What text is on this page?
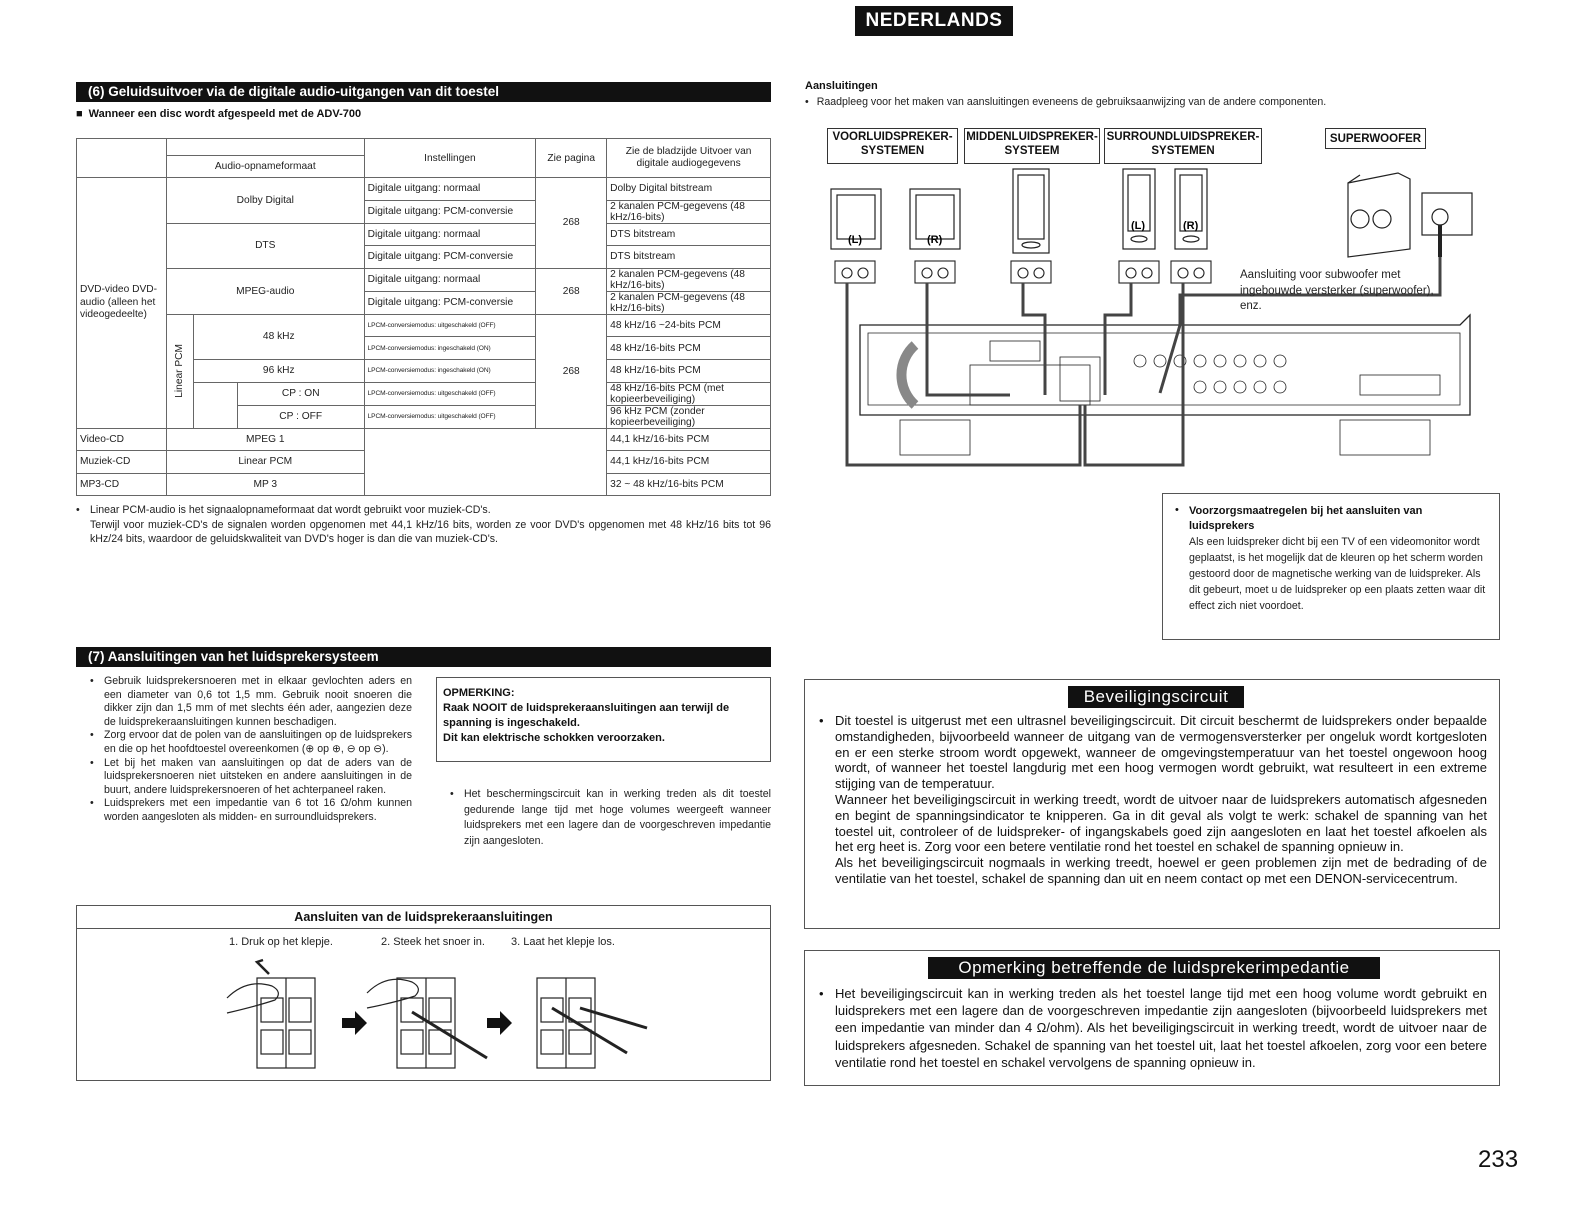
NEDERLANDS
(6) Geluidsuitvoer via de digitale audio-uitgangen van dit toestel
■ Wanneer een disc wordt afgespeeld met de ADV-700
				Instellingen	Zie pagina	Zie de bladzijde Uitvoer van digitale audiogegevens
	Audio-opnameformaat					
DVD-video DVD-audio (alleen het videogedeelte)	Dolby Digital			Digitale uitgang: normaal	268	Dolby Digital bitstream
				Digitale uitgang: PCM-conversie		2 kanalen PCM-gegevens (48 kHz/16-bits)
	DTS			Digitale uitgang: normaal		DTS bitstream
				Digitale uitgang: PCM-conversie		DTS bitstream
	MPEG-audio			Digitale uitgang: normaal	268	2 kanalen PCM-gegevens (48 kHz/16-bits)
				Digitale uitgang: PCM-conversie		2 kanalen PCM-gegevens (48 kHz/16-bits)
	Linear PCM	48 kHz		LPCM-conversiemodus: uitgeschakeld (OFF)	268	48 kHz/16 ~24-bits PCM
				LPCM-conversiemodus: ingeschakeld (ON)		48 kHz/16-bits PCM
		96 kHz		LPCM-conversiemodus: ingeschakeld (ON)		48 kHz/16-bits PCM
			CP : ON	LPCM-conversiemodus: uitgeschakeld (OFF)		48 kHz/16-bits PCM (met kopieerbeveiliging)
			CP : OFF	LPCM-conversiemodus: uitgeschakeld (OFF)		96 kHz PCM (zonder kopieerbeveiliging)
Video-CD	MPEG 1					44,1 kHz/16-bits PCM
Muziek-CD	Linear PCM					44,1 kHz/16-bits PCM
MP3-CD	MP 3					32 ~ 48 kHz/16-bits PCM
• Linear PCM-audio is het signaalopnameformaat dat wordt gebruikt voor muziek-CD's.
Terwijl voor muziek-CD's de signalen worden opgenomen met 44,1 kHz/16 bits, worden ze voor DVD's opgenomen met 48 kHz/16 bits tot 96 kHz/24 bits, waardoor de geluidskwaliteit van DVD's hoger is dan die van muziek-CD's.
Aansluitingen
• Raadpleeg voor het maken van aansluitingen eveneens de gebruiksaanwijzing van de andere componenten.
VOORLUIDSPREKER-
SYSTEMEN
MIDDENLUIDSPREKER-
SYSTEEM
SURROUNDLUIDSPREKER-
SYSTEMEN
SUPERWOOFER
(L)	(R)
(L)	(R)
Aansluiting voor subwoofer met ingebouwde versterker (superwoofer), enz.
• Voorzorgsmaatregelen bij het aansluiten van luidsprekers
Als een luidspreker dicht bij een TV of een videomonitor wordt geplaatst, is het mogelijk dat de kleuren op het scherm worden gestoord door de magnetische werking van de luidspreker. Als dit gebeurt, moet u de luidspreker op een plaats zetten waar dit effect zich niet voordoet.
(7) Aansluitingen van het luidsprekersysteem
• Gebruik luidsprekersnoeren met in elkaar gevlochten aders en een diameter van 0,6 tot 1,5 mm. Gebruik nooit snoeren die dikker zijn dan 1,5 mm of met slechts één ader, aangezien deze de luidsprekeraansluitingen kunnen beschadigen.
• Zorg ervoor dat de polen van de aansluitingen op de luidsprekers en die op het hoofdtoestel overeenkomen (⊕ op ⊕, ⊖ op ⊖).
• Let bij het maken van aansluitingen op dat de aders van de luidsprekersnoeren niet uitsteken en andere aansluitingen in de buurt, andere luidsprekersnoeren of het achterpaneel raken.
• Luidsprekers met een impedantie van 6 tot 16 Ω/ohm kunnen worden aangesloten als midden- en surroundluidsprekers.
OPMERKING:
Raak NOOIT de luidsprekeraansluitingen aan terwijl de spanning is ingeschakeld.
Dit kan elektrische schokken veroorzaken.
• Het beschermingscircuit kan in werking treden als dit toestel gedurende lange tijd met hoge volumes weergeeft wanneer luidsprekers met een lagere dan de voorgeschreven impedantie zijn aangesloten.
Aansluiten van de luidsprekeraansluitingen
1. Druk op het klepje.	2. Steek het snoer in. 3. Laat het klepje los.
Beveiligingscircuit
• Dit toestel is uitgerust met een ultrasnel beveiligingscircuit. Dit circuit beschermt de luidsprekers onder bepaalde omstandigheden, bijvoorbeeld wanneer de uitgang van de vermogensversterker per ongeluk wordt kortgesloten en er een sterke stroom wordt opgewekt, wanneer de omgevingstemperatuur van het toestel ongewoon hoog wordt, of wanneer het toestel langdurig met een hoog vermogen wordt gebruikt, wat resulteert in een extreme stijging van de temperatuur.
Wanneer het beveiligingscircuit in werking treedt, wordt de uitvoer naar de luidsprekers automatisch afgesneden en begint de spanningsindicator te knipperen. Ga in dit geval als volgt te werk: schakel de spanning van het toestel uit, controleer of de luidspreker- of ingangskabels goed zijn aangesloten en laat het toestel afkoelen als het erg heet is. Zorg voor een betere ventilatie rond het toestel en schakel de spanning opnieuw in.
Als het beveiligingscircuit nogmaals in werking treedt, hoewel er geen problemen zijn met de bedrading of de ventilatie van het toestel, schakel de spanning dan uit en neem contact op met een DENON-servicecentrum.
Opmerking betreffende de luidsprekerimpedantie
• Het beveiligingscircuit kan in werking treden als het toestel lange tijd met een hoog volume wordt gebruikt en luidsprekers met een lagere dan de voorgeschreven impedantie zijn aangesloten (bijvoorbeeld luidsprekers met een impedantie van minder dan 4 Ω/ohm). Als het beveiligingscircuit in werking treedt, wordt de uitvoer naar de luidsprekers afgesneden. Schakel de spanning van het toestel uit, laat het toestel afkoelen, zorg voor een betere ventilatie rond het toestel en schakel vervolgens de spanning opnieuw in.
233
